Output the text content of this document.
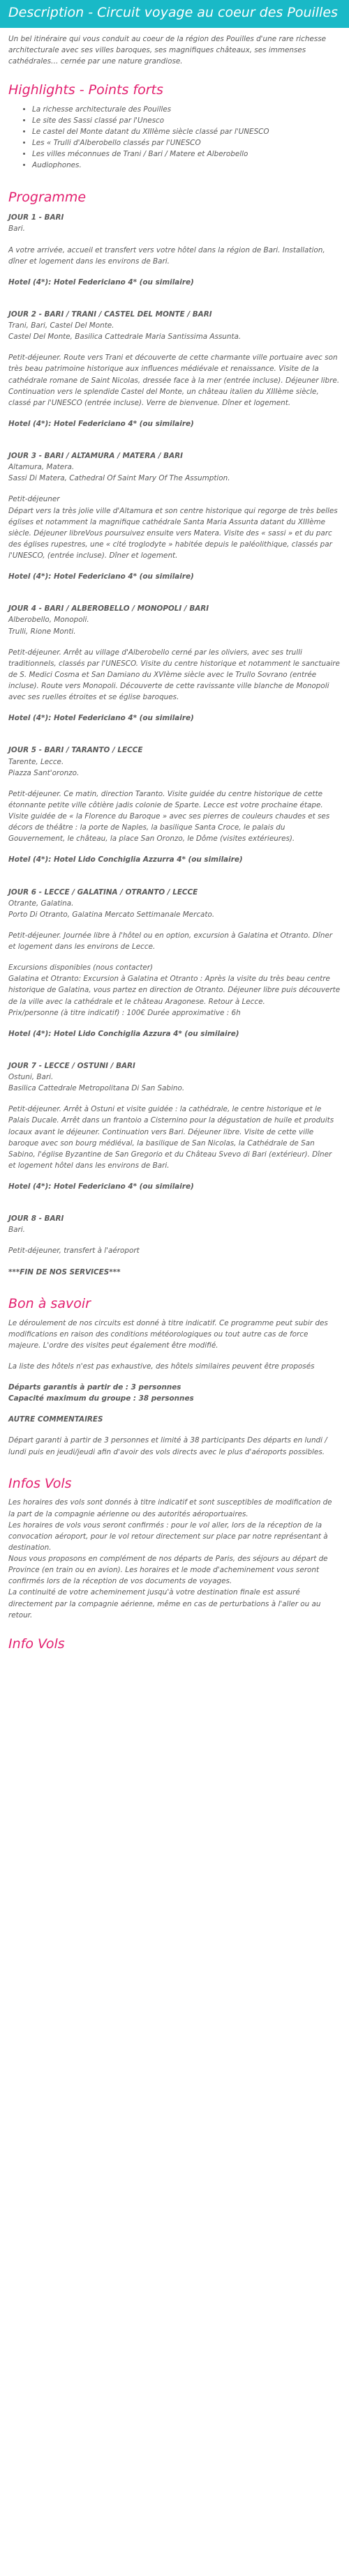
Description - Circuit voyage au coeur des Pouilles

Un bel itinéraire qui vous conduit au coeur de la région des Pouilles d'une rare richesse architecturale avec ses villes baroques, ses magnifiques châteaux, ses immenses cathédrales… cernée par une nature grandiose.

Highlights - Points forts
• La richesse architecturale des Pouilles
• Le site des Sassi classé par l'Unesco
• Le castel del Monte datant du XIIIème siècle classé par l'UNESCO
• Les « Trulli d'Alberobello classés par l'UNESCO
• Les villes méconnues de Trani / Bari / Matere et Alberobello
• Audiophones.
Programme

JOUR 1 - BARI

Bari.

A votre arrivée, accueil et transfert vers votre hôtel dans la région de Bari. Installation, dîner et logement dans les environs de Bari.

Hotel (4*): Hotel Federiciano 4* (ou similaire)

JOUR 2 - BARI / TRANI / CASTEL DEL MONTE / BARI

Trani, Bari, Castel Del Monte.

Castel Del Monte, Basilica Cattedrale Maria Santissima Assunta.

Petit-déjeuner. Route vers Trani et découverte de cette charmante ville portuaire avec son très beau patrimoine historique aux influences médiévale et renaissance. Visite de la cathédrale romane de Saint Nicolas, dressée face à la mer (entrée incluse). Déjeuner libre. Continuation vers le splendide Castel del Monte, un château italien du XIIIème siècle, classé par l'UNESCO (entrée incluse). Verre de bienvenue. Dîner et logement.

Hotel (4*): Hotel Federiciano 4* (ou similaire)

JOUR 3 - BARI / ALTAMURA / MATERA / BARI

Altamura, Matera.

Sassi Di Matera, Cathedral Of Saint Mary Of The Assumption.

Petit-déjeuner

Départ vers la très jolie ville d'Altamura et son centre historique qui regorge de très belles églises et notamment la magnifique cathédrale Santa Maria Assunta datant du XIIIème siècle. Déjeuner libreVous poursuivez ensuite vers Matera. Visite des « sassi » et du parc des églises rupestres, une « cité troglodyte » habitée depuis le paléolithique, classés par l'UNESCO, (entrée incluse). Dîner et logement.

Hotel (4*): Hotel Federiciano 4* (ou similaire)

JOUR 4 - BARI / ALBEROBELLO / MONOPOLI / BARI

Alberobello, Monopoli.

Trulli, Rione Monti.

Petit-déjeuner. Arrêt au village d'Alberobello cerné par les oliviers, avec ses trulli traditionnels, classés par l'UNESCO. Visite du centre historique et notamment le sanctuaire de S. Medici Cosma et San Damiano du XVIème siècle avec le Trullo Sovrano (entrée incluse). Route vers Monopoli. Découverte de cette ravissante ville blanche de Monopoli avec ses ruelles étroites et se église baroques.

Hotel (4*): Hotel Federiciano 4* (ou similaire)

JOUR 5 - BARI / TARANTO / LECCE

Tarente, Lecce.

Piazza Sant'oronzo.

Petit-déjeuner. Ce matin, direction Taranto. Visite guidée du centre historique de cette étonnante petite ville côtière jadis colonie de Sparte. Lecce est votre prochaine étape. Visite guidée de « la Florence du Baroque » avec ses pierres de couleurs chaudes et ses décors de théâtre : la porte de Naples, la basilique Santa Croce, le palais du Gouvernement, le château, la place San Oronzo, le Dôme (visites extérieures).

Hotel (4*): Hotel Lido Conchiglia Azzurra 4* (ou similaire)

JOUR 6 - LECCE / GALATINA / OTRANTO / LECCE

Otrante, Galatina.

Porto Di Otranto, Galatina Mercato Settimanale Mercato.

Petit-déjeuner. Journée libre à l'hôtel ou en option, excursion à Galatina et Otranto. Dîner et logement dans les environs de Lecce.

Excursions disponibles (nous contacter)

Galatina et Otranto: Excursion à Galatina et Otranto : Après la visite du très beau centre historique de Galatina, vous partez en direction de Otranto. Déjeuner libre puis découverte de la ville avec la cathédrale et le château Aragonese. Retour à Lecce.

Prix/personne (à titre indicatif) : 100€ Durée approximative : 6h

Hotel (4*): Hotel Lido Conchiglia Azzura 4* (ou similaire)

JOUR 7 - LECCE / OSTUNI / BARI

Ostuni, Bari.

Basilica Cattedrale Metropolitana Di San Sabino.

Petit-déjeuner. Arrêt à Ostuni et visite guidée : la cathédrale, le centre historique et le Palais Ducale. Arrêt dans un frantoio a Cisternino pour la dégustation de huile et produits locaux avant le déjeuner. Continuation vers Bari. Déjeuner libre. Visite de cette ville baroque avec son bourg médiéval, la basilique de San Nicolas, la Cathédrale de San Sabino, l'église Byzantine de San Gregorio et du Château Svevo di Bari (extérieur). Dîner et logement hôtel dans les environs de Bari.

Hotel (4*): Hotel Federiciano 4* (ou similaire)

JOUR 8 - BARI

Bari.

Petit-déjeuner, transfert à l'aéroport

***FIN DE NOS SERVICES***

Bon à savoir

Le déroulement de nos circuits est donné à titre indicatif. Ce programme peut subir des modifications en raison des conditions météorologiques ou tout autre cas de force majeure. L'ordre des visites peut également être modifié.

La liste des hôtels n'est pas exhaustive, des hôtels similaires peuvent être proposés

Départs garantis à partir de : 3 personnes

Capacité maximum du groupe : 38 personnes

AUTRE COMMENTAIRES

Départ garanti à partir de 3 personnes et limité à 38 participants Des départs en lundi / lundi puis en jeudi/jeudi afin d'avoir des vols directs avec le plus d'aéroports possibles.

Infos Vols

Les horaires des vols sont donnés à titre indicatif et sont susceptibles de modification de la part de la compagnie aérienne ou des autorités aéroportuaires.

Les horaires de vols vous seront confirmés : pour le vol aller, lors de la réception de la convocation aéroport, pour le vol retour directement sur place par notre représentant à destination.

Nous vous proposons en complément de nos départs de Paris, des séjours au départ de Province (en train ou en avion). Les horaires et le mode d'acheminement vous seront confirmés lors de la réception de vos documents de voyages.

La continuité de votre acheminement jusqu'à votre destination finale est assuré directement par la compagnie aérienne, même en cas de perturbations à l'aller ou au retour.

Info Vols
